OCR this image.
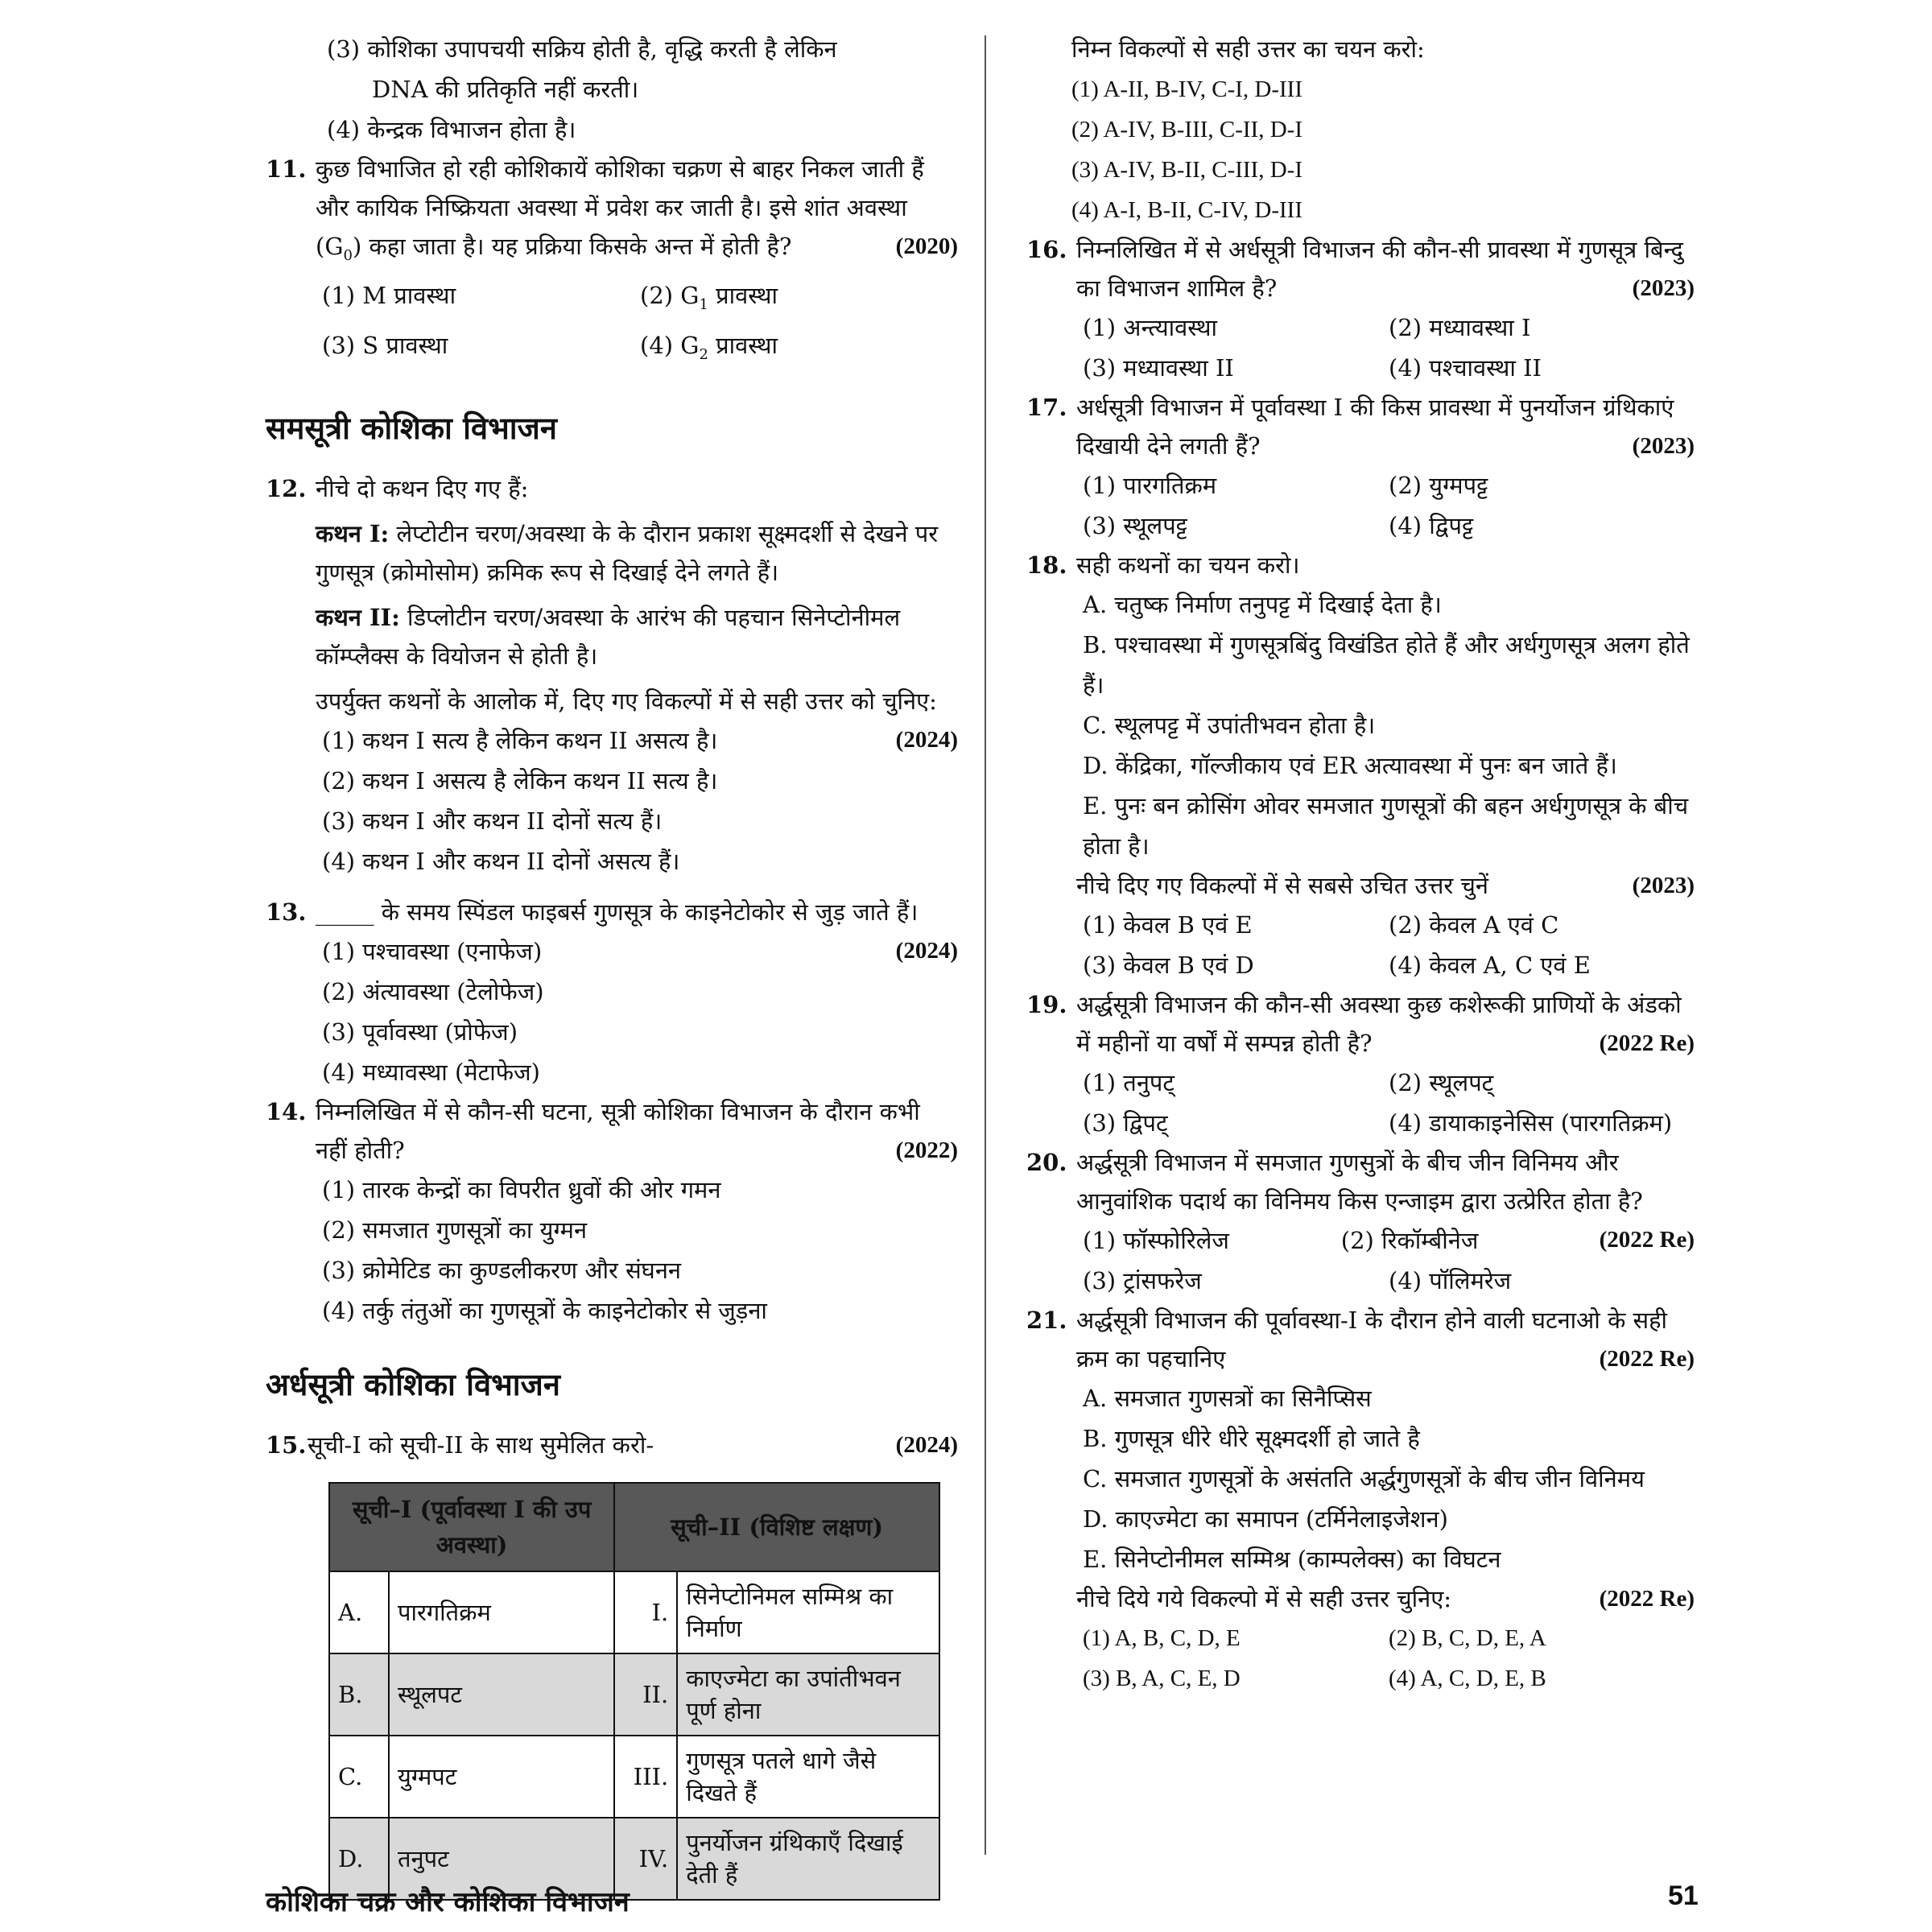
(3) कोशिका उपापचयी सक्रिय होती है, वृद्धि करती है लेकिन
DNA की प्रतिकृति नहीं करती।
(4) केन्द्रक विभाजन होता है।
11. कुछ विभाजित हो रही कोशिकायें कोशिका चक्रण से बाहर निकल जाती हैं और कायिक निष्क्रियता अवस्था में प्रवेश कर जाती है। इसे शांत अवस्था $(G_0)$ कहा जाता है। यह प्रक्रिया किसके अन्त में होती है?	(2020)
(1) M प्रावस्था	(2) $G_1$ प्रावस्था
(3) S प्रावस्था	(4) $G_2$ प्रावस्था
समसूत्री कोशिका विभाजन
12. नीचे दो कथन दिए गए हैं:
कथन I: लेप्टोटीन चरण/अवस्था के के दौरान प्रकाश सूक्ष्मदर्शी से देखने पर गुणसूत्र (क्रोमोसोम) क्रमिक रूप से दिखाई देने लगते हैं।
कथन II: डिप्लोटीन चरण/अवस्था के आरंभ की पहचान सिनेप्टोनीमल कॉम्प्लैक्स के वियोजन से होती है।
उपर्युक्त कथनों के आलोक में, दिए गए विकल्पों में से सही उत्तर को चुनिए:
(2024)
(1) कथन I सत्य है लेकिन कथन II असत्य है।
(2) कथन I असत्य है लेकिन कथन II सत्य है।
(3) कथन I और कथन II दोनों सत्य हैं।
(4) कथन I और कथन II दोनों असत्य हैं।
13. _____ के समय स्पिंडल फाइबर्स गुणसूत्र के काइनेटोकोर से जुड़ जाते हैं।
(2024)
(1) पश्चावस्था (एनाफेज)
(2) अंत्यावस्था (टेलोफेज)
(3) पूर्वावस्था (प्रोफेज)
(4) मध्यावस्था (मेटाफेज)
14. निम्नलिखित में से कौन-सी घटना, सूत्री कोशिका विभाजन के दौरान कभी नहीं होती?	(2022)
(1) तारक केन्द्रों का विपरीत ध्रुवों की ओर गमन
(2) समजात गुणसूत्रों का युग्मन
(3) क्रोमेटिड का कुण्डलीकरण और संघनन
(4) तर्कु तंतुओं का गुणसूत्रों के काइनेटोकोर से जुड़ना
अर्धसूत्री कोशिका विभाजन
15. सूची-I को सूची-II के साथ सुमेलित करो-	(2024)
सूची–I (पूर्वावस्था I की उप अवस्था)		सूची–II (विशिष्ट लक्षण)	
A.	पारगतिक्रम	I.	सिनेप्टोनिमल सम्मिश्र का निर्माण
B.	स्थूलपट	II.	काएज्मेटा का उपांतीभवन पूर्ण होना
C.	युग्मपट	III.	गुणसूत्र पतले धागे जैसे दिखते हैं
D.	तनुपट	IV.	पुनर्योजन ग्रंथिकाएँ दिखाई देती हैं
निम्न विकल्पों से सही उत्तर का चयन करो:
(1) A-II, B-IV, C-I, D-III
(2) A-IV, B-III, C-II, D-I
(3) A-IV, B-II, C-III, D-I
(4) A-I, B-II, C-IV, D-III
16. निम्नलिखित में से अर्धसूत्री विभाजन की कौन-सी प्रावस्था में गुणसूत्र बिन्दु का विभाजन शामिल है?	(2023)
(1) अन्त्यावस्था	(2) मध्यावस्था I
(3) मध्यावस्था II	(4) पश्चावस्था II
17. अर्धसूत्री विभाजन में पूर्वावस्था I की किस प्रावस्था में पुनर्योजन ग्रंथिकाएं दिखायी देने लगती हैं?	(2023)
(1) पारगतिक्रम	(2) युग्मपट्ट
(3) स्थूलपट्ट	(4) द्विपट्ट
18. सही कथनों का चयन करो।
A. चतुष्क निर्माण तनुपट्ट में दिखाई देता है।
B. पश्चावस्था में गुणसूत्रबिंदु विखंडित होते हैं और अर्धगुणसूत्र अलग होते हैं।
C. स्थूलपट्ट में उपांतीभवन होता है।
D. केंद्रिका, गॉल्जीकाय एवं ER अत्यावस्था में पुनः बन जाते हैं।
E. पुनः बन क्रोसिंग ओवर समजात गुणसूत्रों की बहन अर्धगुणसूत्र के बीच होता है।
नीचे दिए गए विकल्पों में से सबसे उचित उत्तर चुनें	(2023)
(1) केवल B एवं E	(2) केवल A एवं C
(3) केवल B एवं D	(4) केवल A, C एवं E
19. अर्द्धसूत्री विभाजन की कौन-सी अवस्था कुछ कशेरूकी प्राणियों के अंडको में महीनों या वर्षों में सम्पन्न होती है?	(2022 Re)
(1) तनुपट्	(2) स्थूलपट्
(3) द्विपट्	(4) डायाकाइनेसिस (पारगतिक्रम)
20. अर्द्धसूत्री विभाजन में समजात गुणसुत्रों के बीच जीन विनिमय और आनुवांशिक पदार्थ का विनिमय किस एन्जाइम द्वारा उत्प्रेरित होता है?
(2022 Re)
(1) फॉस्फोरिलेज	(2) रिकॉम्बीनेज
(3) ट्रांसफरेज	(4) पॉलिमरेज
21. अर्द्धसूत्री विभाजन की पूर्वावस्था-I के दौरान होने वाली घटनाओ के सही क्रम का पहचानिए	(2022 Re)
A. समजात गुणसत्रों का सिनैप्सिस
B. गुणसूत्र धीरे धीरे सूक्ष्मदर्शी हो जाते है
C. समजात गुणसूत्रों के असंतति अर्द्धगुणसूत्रों के बीच जीन विनिमय
D. काएज्मेटा का समापन (टर्मिनेलाइजेशन)
E. सिनेप्टोनीमल सम्मिश्र (काम्पलेक्स) का विघटन
नीचे दिये गये विकल्पो में से सही उत्तर चुनिए:	(2022 Re)
(1) A, B, C, D, E	(2) B, C, D, E, A
(3) B, A, C, E, D	(4) A, C, D, E, B
कोशिका चक्र और कोशिका विभाजन	51
